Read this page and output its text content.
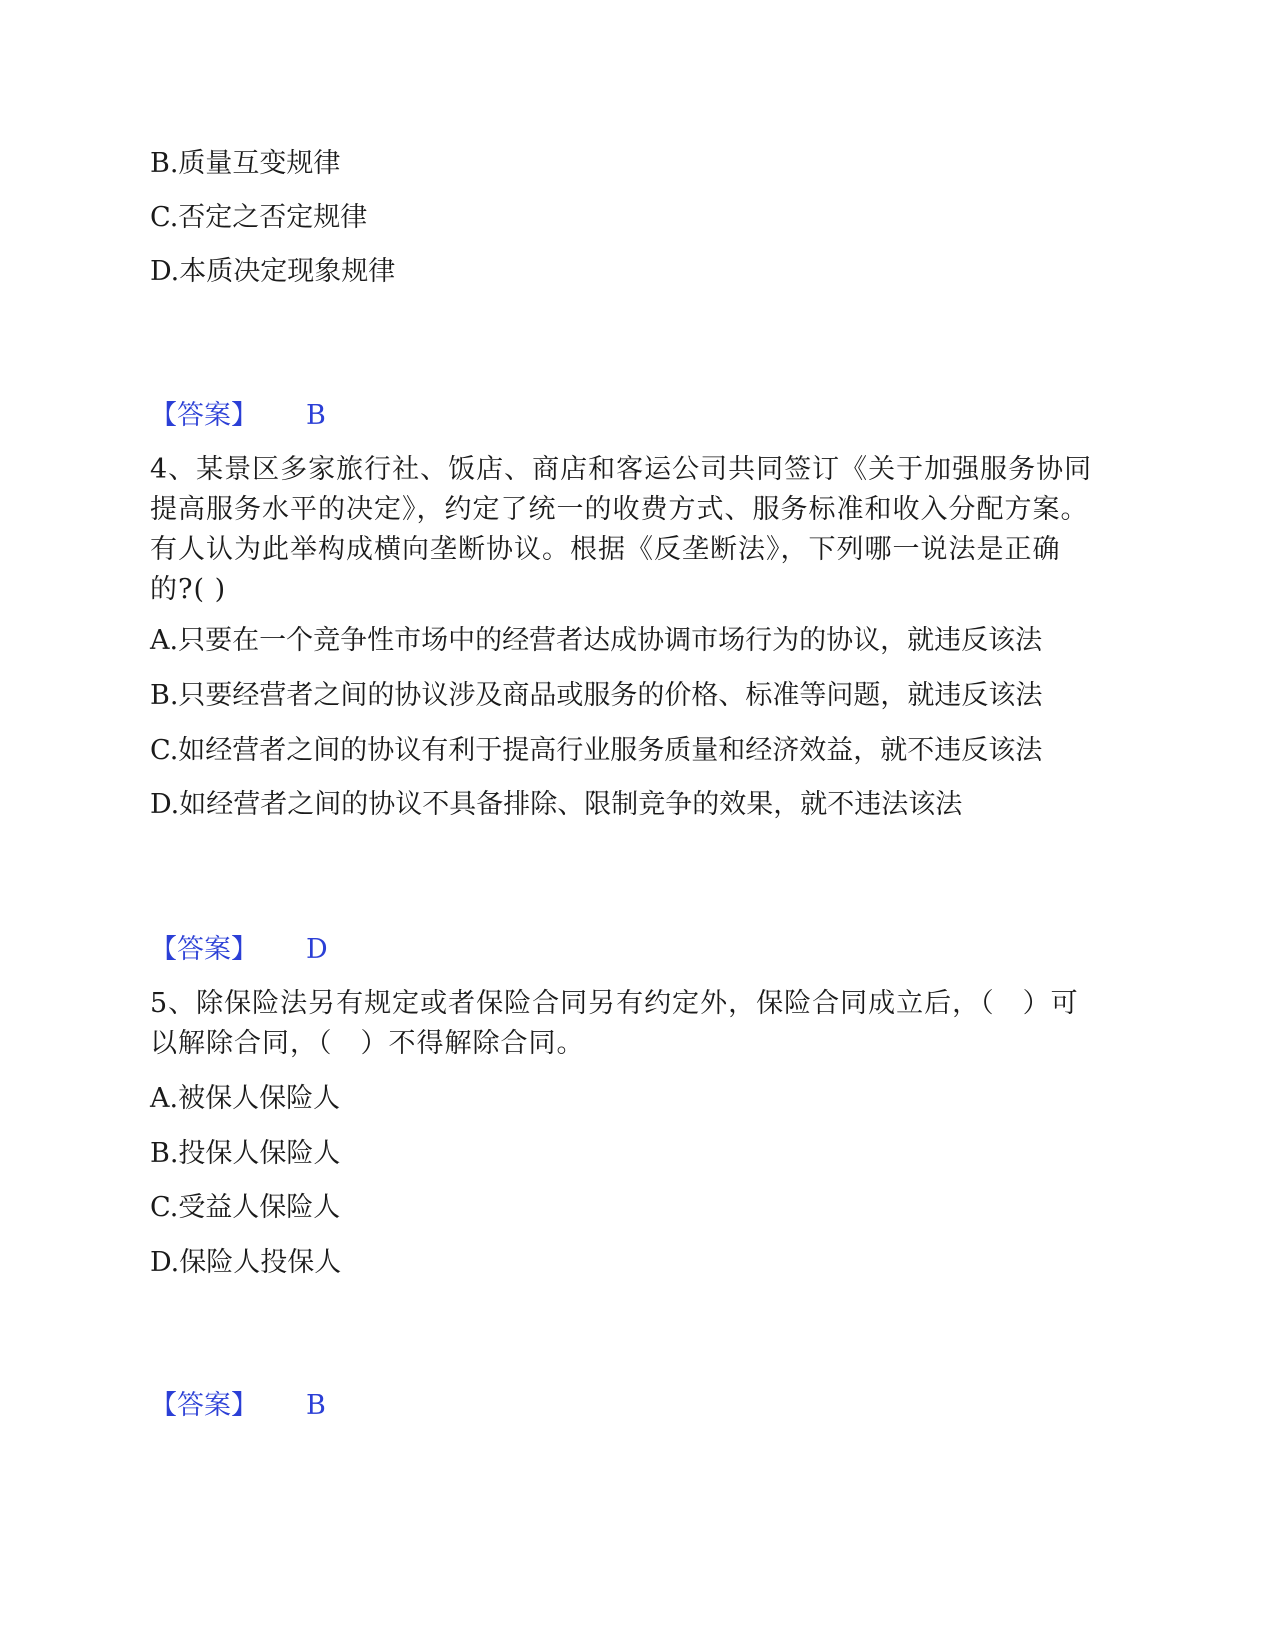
B.质量互变规律
C.否定之否定规律
D.本质决定现象规律
【答案】 B
4、某景区多家旅行社、饭店、商店和客运公司共同签订《关于加强服务协同提高服务水平的决定》，约定了统一的收费方式、服务标准和收入分配方案。有人认为此举构成横向垄断协议。根据《反垄断法》，下列哪一说法是正确的?( )
A.只要在一个竞争性市场中的经营者达成协调市场行为的协议，就违反该法
B.只要经营者之间的协议涉及商品或服务的价格、标准等问题，就违反该法
C.如经营者之间的协议有利于提高行业服务质量和经济效益，就不违反该法
D.如经营者之间的协议不具备排除、限制竞争的效果，就不违法该法
【答案】 D
5、除保险法另有规定或者保险合同另有约定外，保险合同成立后，（　）可以解除合同，（　）不得解除合同。
A.被保人保险人
B.投保人保险人
C.受益人保险人
D.保险人投保人
【答案】 B
